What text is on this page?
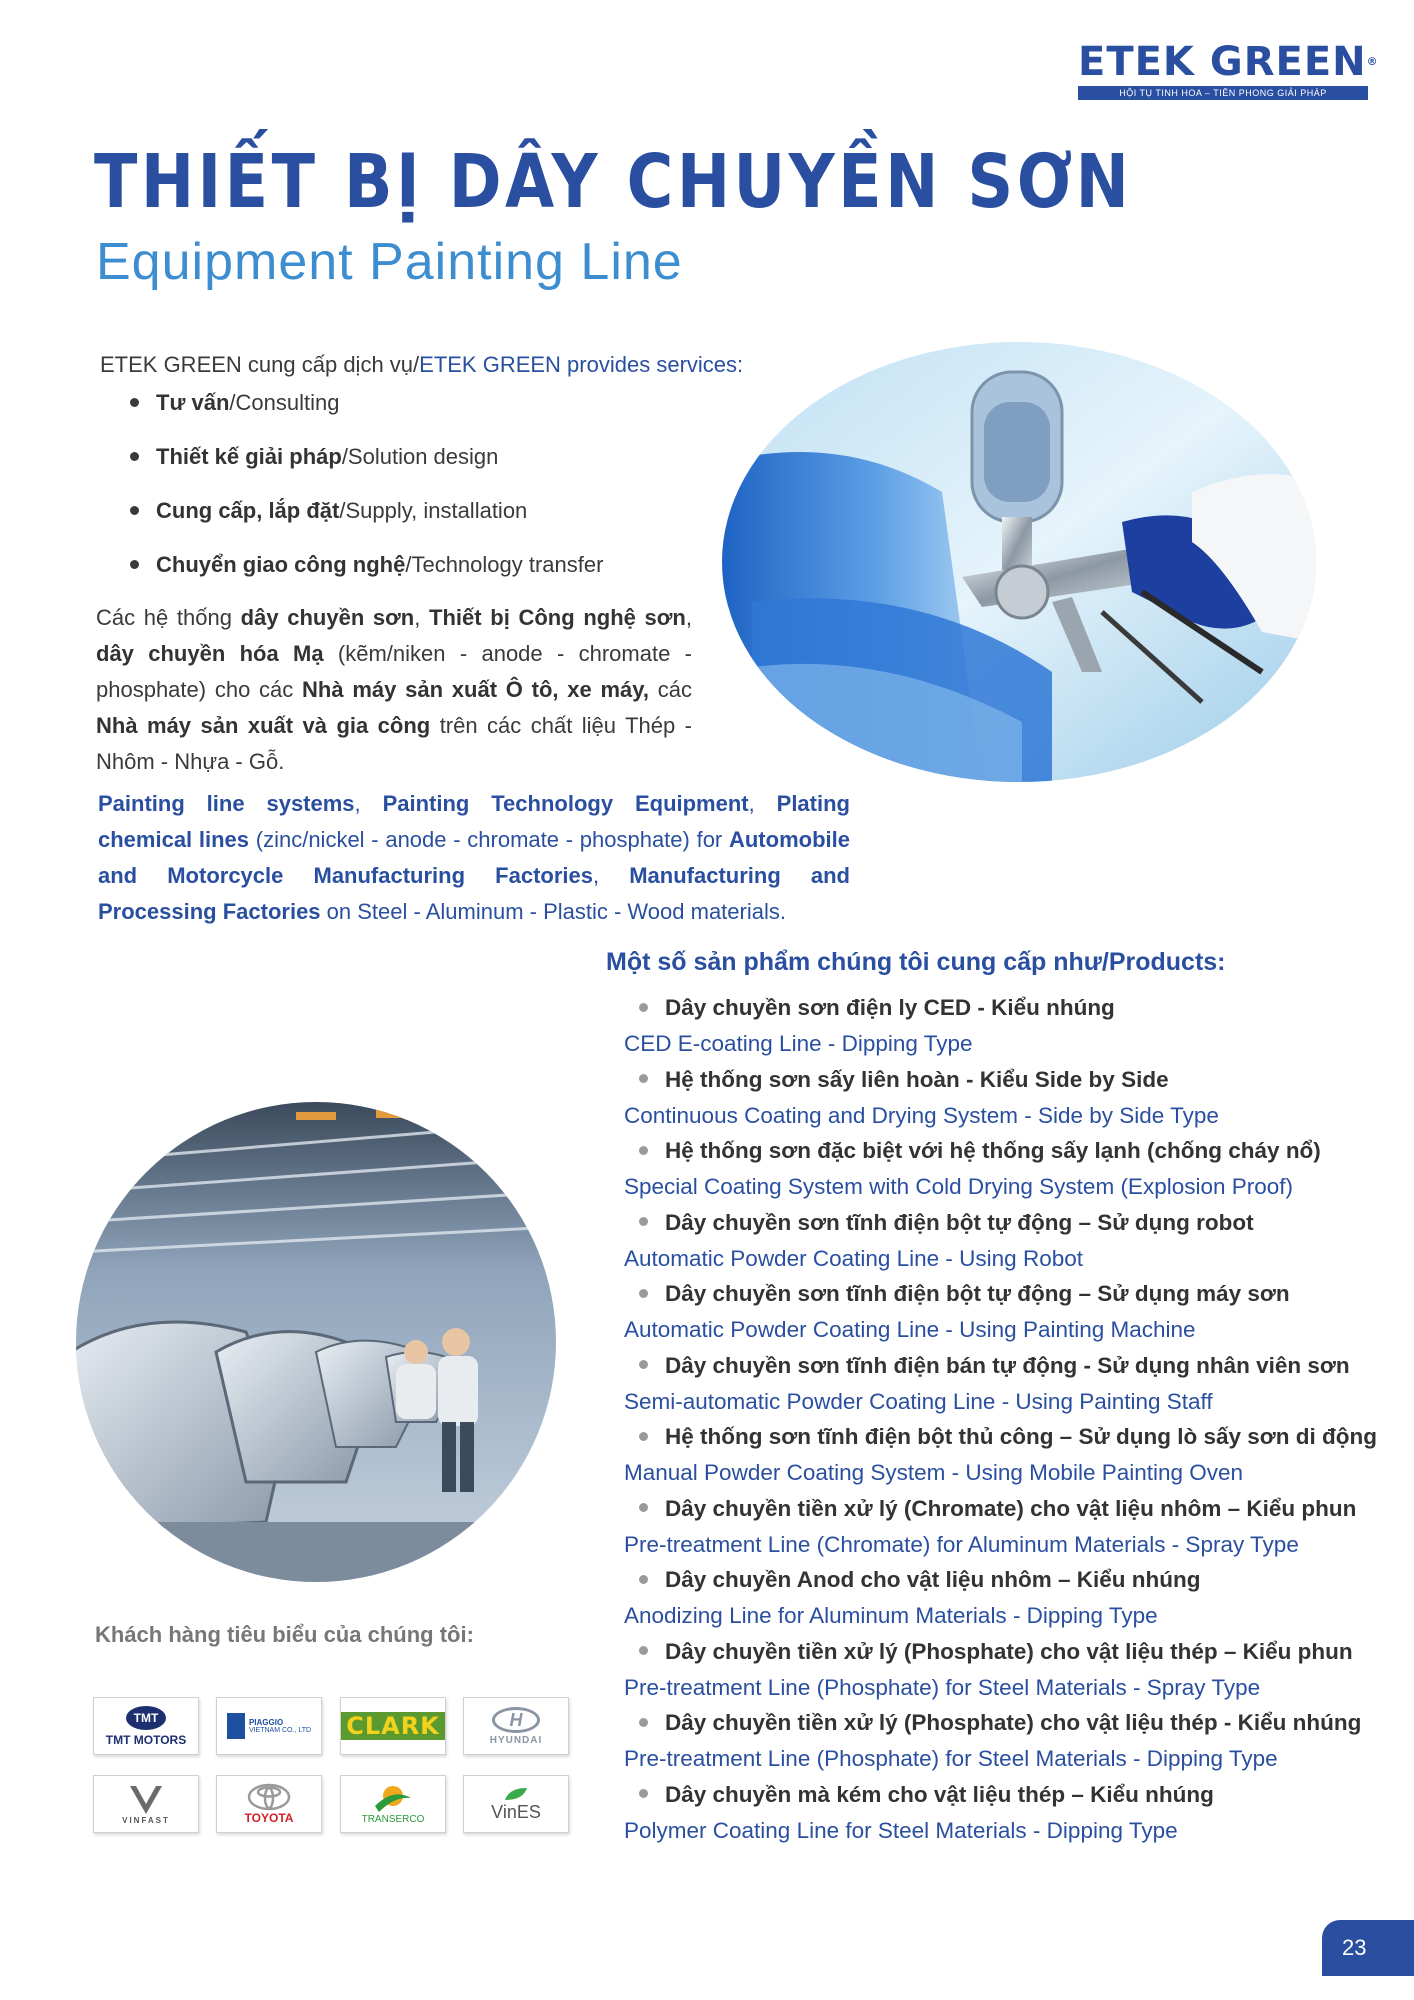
ETEK GREEN®
HỘI TỤ TINH HOA – TIÊN PHONG GIẢI PHÁP
THIẾT BỊ DÂY CHUYỀN SƠN
Equipment Painting Line
ETEK GREEN cung cấp dịch vụ/ETEK GREEN provides services:
Tư vấn/Consulting
Thiết kế giải pháp/Solution design
Cung cấp, lắp đặt/Supply, installation
Chuyển giao công nghệ/Technology transfer

Các hệ thống dây chuyền sơn, Thiết bị Công nghệ sơn, dây chuyền hóa Mạ (kẽm/niken - anode - chromate - phosphate) cho các Nhà máy sản xuất Ô tô, xe máy, các Nhà máy sản xuất và gia công trên các chất liệu Thép - Nhôm - Nhựa - Gỗ.

Painting line systems, Painting Technology Equipment, Plating chemical lines (zinc/nickel - anode - chromate - phosphate) for Automobile and Motorcycle Manufacturing Factories, Manufacturing and Processing Factories on Steel - Aluminum - Plastic - Wood materials.

Một số sản phẩm chúng tôi cung cấp như/Products:
Dây chuyền sơn điện ly CED - Kiểu nhúng
CED E-coating Line - Dipping Type
Hệ thống sơn sấy liên hoàn - Kiểu Side by Side
Continuous Coating and Drying System - Side by Side Type
Hệ thống sơn đặc biệt với hệ thống sấy lạnh (chống cháy nổ)
Special Coating System with Cold Drying System (Explosion Proof)
Dây chuyền sơn tĩnh điện bột tự động – Sử dụng robot
Automatic Powder Coating Line - Using Robot
Dây chuyền sơn tĩnh điện bột tự động – Sử dụng máy sơn
Automatic Powder Coating Line - Using Painting Machine
Dây chuyền sơn tĩnh điện bán tự động - Sử dụng nhân viên sơn
Semi-automatic Powder Coating Line - Using Painting Staff
Hệ thống sơn tĩnh điện bột thủ công – Sử dụng lò sấy sơn di động
Manual Powder Coating System - Using Mobile Painting Oven
Dây chuyền tiền xử lý (Chromate) cho vật liệu nhôm – Kiểu phun
Pre-treatment Line (Chromate) for Aluminum Materials - Spray Type
Dây chuyền Anod cho vật liệu nhôm – Kiểu nhúng
Anodizing Line for Aluminum Materials - Dipping Type
Dây chuyền tiền xử lý (Phosphate) cho vật liệu thép – Kiểu phun
Pre-treatment Line (Phosphate) for Steel Materials - Spray Type
Dây chuyền tiền xử lý (Phosphate) cho vật liệu thép - Kiểu nhúng
Pre-treatment Line (Phosphate) for Steel Materials - Dipping Type
Dây chuyền mà kém cho vật liệu thép – Kiểu nhúng
Polymer Coating Line for Steel Materials - Dipping Type
Khách hàng tiêu biểu của chúng tôi:
TMT
TMT MOTORS
PIAGGIO
VIETNAM CO., LTD CLARK	H
HYUNDAI
VINFAST	TOYOTA	TRANSERCO	VinES
23
